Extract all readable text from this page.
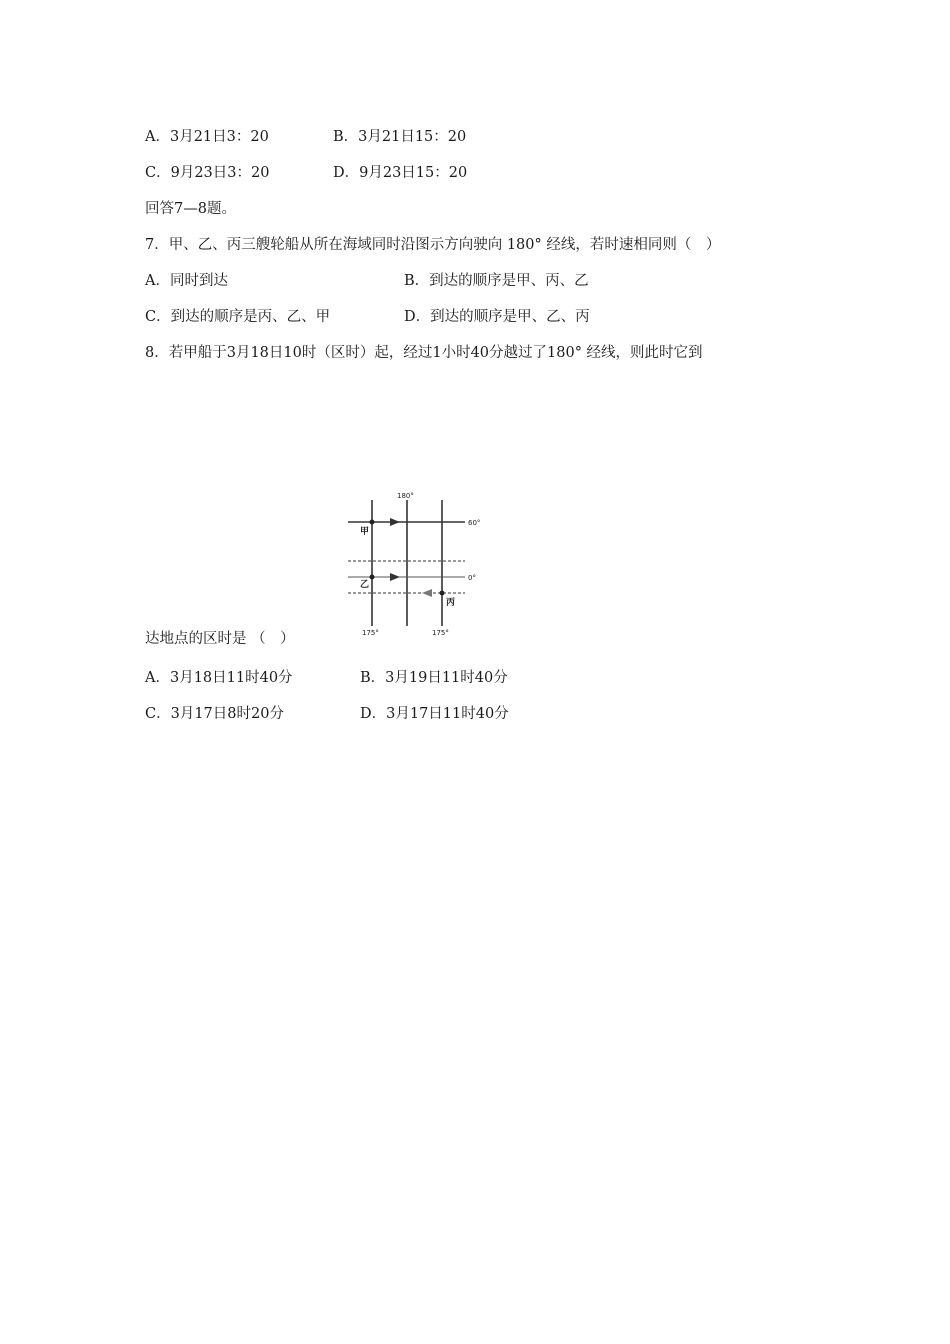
A．3月21日3：20	B．3月21日15：20
C．9月23日3：20	D．9月23日15：20
回答7—8题。
7．甲、乙、丙三艘轮船从所在海域同时沿图示方向驶向 180° 经线，若时速相同则（　）
A．同时到达	B．到达的顺序是甲、丙、乙
C．到达的顺序是丙、乙、甲	D．到达的顺序是甲、乙、丙
8．若甲船于3月18日10时（区时）起，经过1小时40分越过了180° 经线，则此时它到
180°
60°
0°
175°	175°
甲
乙
丙
达地点的区时是 （　）
A．3月18日11时40分	B．3月19日11时40分
C．3月17日8时20分	D．3月17日11时40分
